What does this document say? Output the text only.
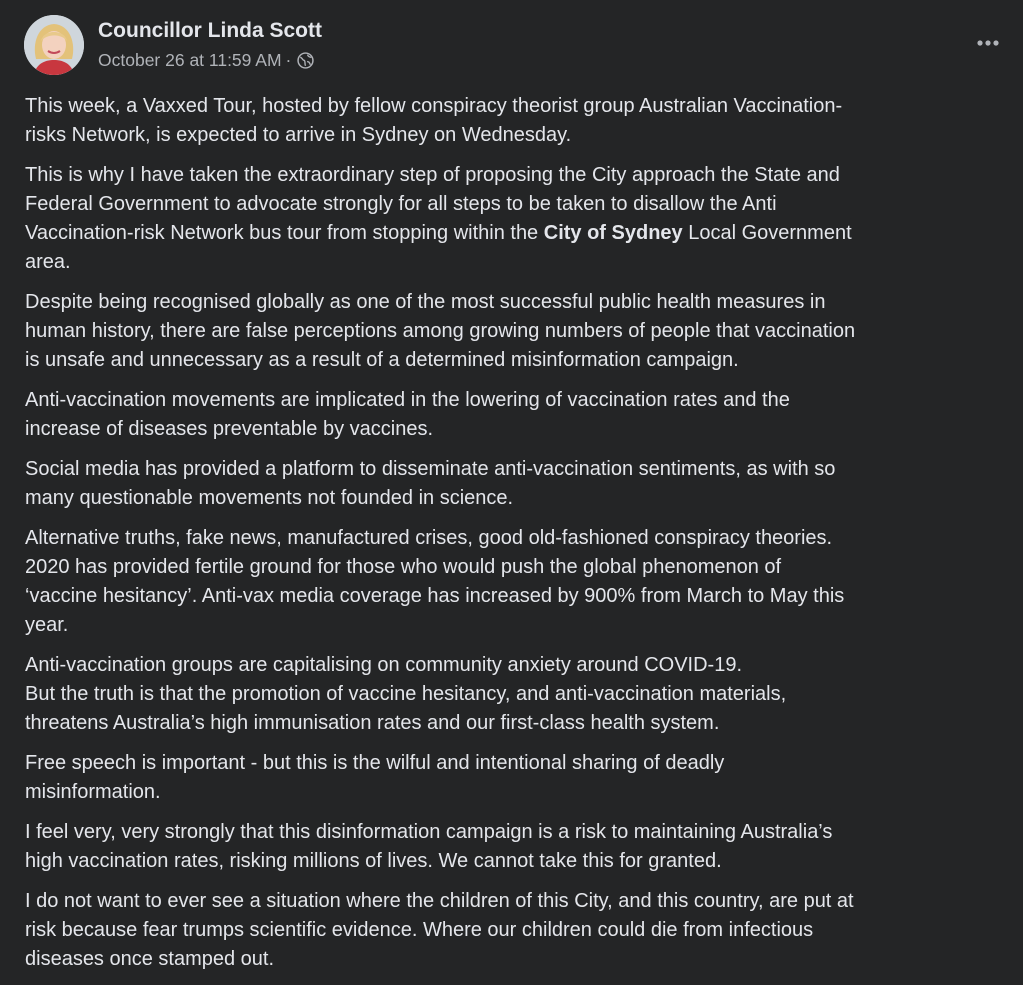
Councillor Linda Scott
October 26 at 11:59 AM ·

This week, a Vaxxed Tour, hosted by fellow conspiracy theorist group Australian Vaccination-
risks Network, is expected to arrive in Sydney on Wednesday.

This is why I have taken the extraordinary step of proposing the City approach the State and
Federal Government to advocate strongly for all steps to be taken to disallow the Anti
Vaccination-risk Network bus tour from stopping within the City of Sydney Local Government
area.

Despite being recognised globally as one of the most successful public health measures in
human history, there are false perceptions among growing numbers of people that vaccination
is unsafe and unnecessary as a result of a determined misinformation campaign.

Anti-vaccination movements are implicated in the lowering of vaccination rates and the
increase of diseases preventable by vaccines.

Social media has provided a platform to disseminate anti-vaccination sentiments, as with so
many questionable movements not founded in science.

Alternative truths, fake news, manufactured crises, good old-fashioned conspiracy theories.
2020 has provided fertile ground for those who would push the global phenomenon of
‘vaccine hesitancy’. Anti-vax media coverage has increased by 900% from March to May this
year.

Anti-vaccination groups are capitalising on community anxiety around COVID-19.
But the truth is that the promotion of vaccine hesitancy, and anti-vaccination materials,
threatens Australia’s high immunisation rates and our first-class health system.

Free speech is important - but this is the wilful and intentional sharing of deadly
misinformation.

I feel very, very strongly that this disinformation campaign is a risk to maintaining Australia’s
high vaccination rates, risking millions of lives. We cannot take this for granted.

I do not want to ever see a situation where the children of this City, and this country, are put at
risk because fear trumps scientific evidence. Where our children could die from infectious
diseases once stamped out.
